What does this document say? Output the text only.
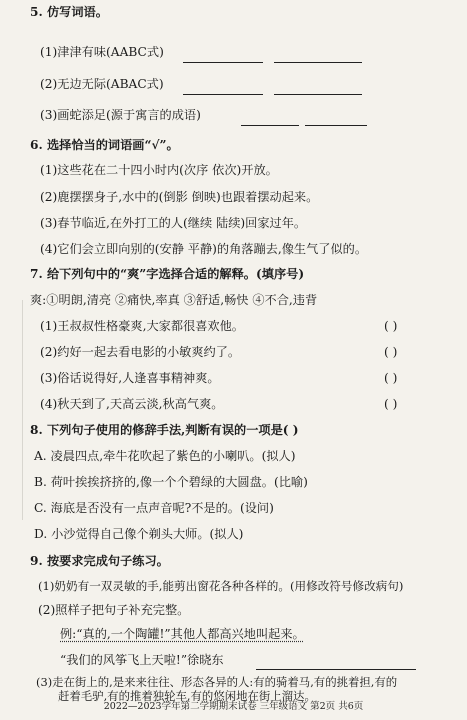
5. 仿写词语。
(1)津津有味(AABC式)
(2)无边无际(ABAC式)
(3)画蛇添足(源于寓言的成语)
6. 选择恰当的词语画“√”。
(1)这些花在二十四小时内(次序 依次)开放。
(2)鹿摆摆身子,水中的(倒影 倒映)也跟着摆动起来。
(3)春节临近,在外打工的人(继续 陆续)回家过年。
(4)它们会立即向别的(安静 平静)的角落蹦去,像生气了似的。
7. 给下列句中的“爽”字选择合适的解释。(填序号)
爽:①明朗,清亮 ②痛快,率真 ③舒适,畅快 ④不合,违背
(1)王叔叔性格豪爽,大家都很喜欢他。	( )
(2)约好一起去看电影的小敏爽约了。	( )
(3)俗话说得好,人逢喜事精神爽。	( )
(4)秋天到了,天高云淡,秋高气爽。	( )
8. 下列句子使用的修辞手法,判断有误的一项是( )
A. 凌晨四点,牵牛花吹起了紫色的小喇叭。(拟人)
B. 荷叶挨挨挤挤的,像一个个碧绿的大圆盘。(比喻)
C. 海底是否没有一点声音呢?不是的。(设问)
D. 小沙觉得自己像个剃头大师。(拟人)
9. 按要求完成句子练习。
(1)奶奶有一双灵敏的手,能剪出窗花各种各样的。(用修改符号修改病句)
(2)照样子把句子补充完整。
例:“真的,一个陶罐!”其他人都高兴地叫起来。
“我们的风筝飞上天啦!”徐晓东
(3)走在街上的,是来来往往、形态各异的人:有的骑着马,有的挑着担,有的
赶着毛驴,有的推着独轮车,有的悠闲地在街上溜达。
2022—2023学年第二学期期末试卷 三年级语文 第2页 共6页
